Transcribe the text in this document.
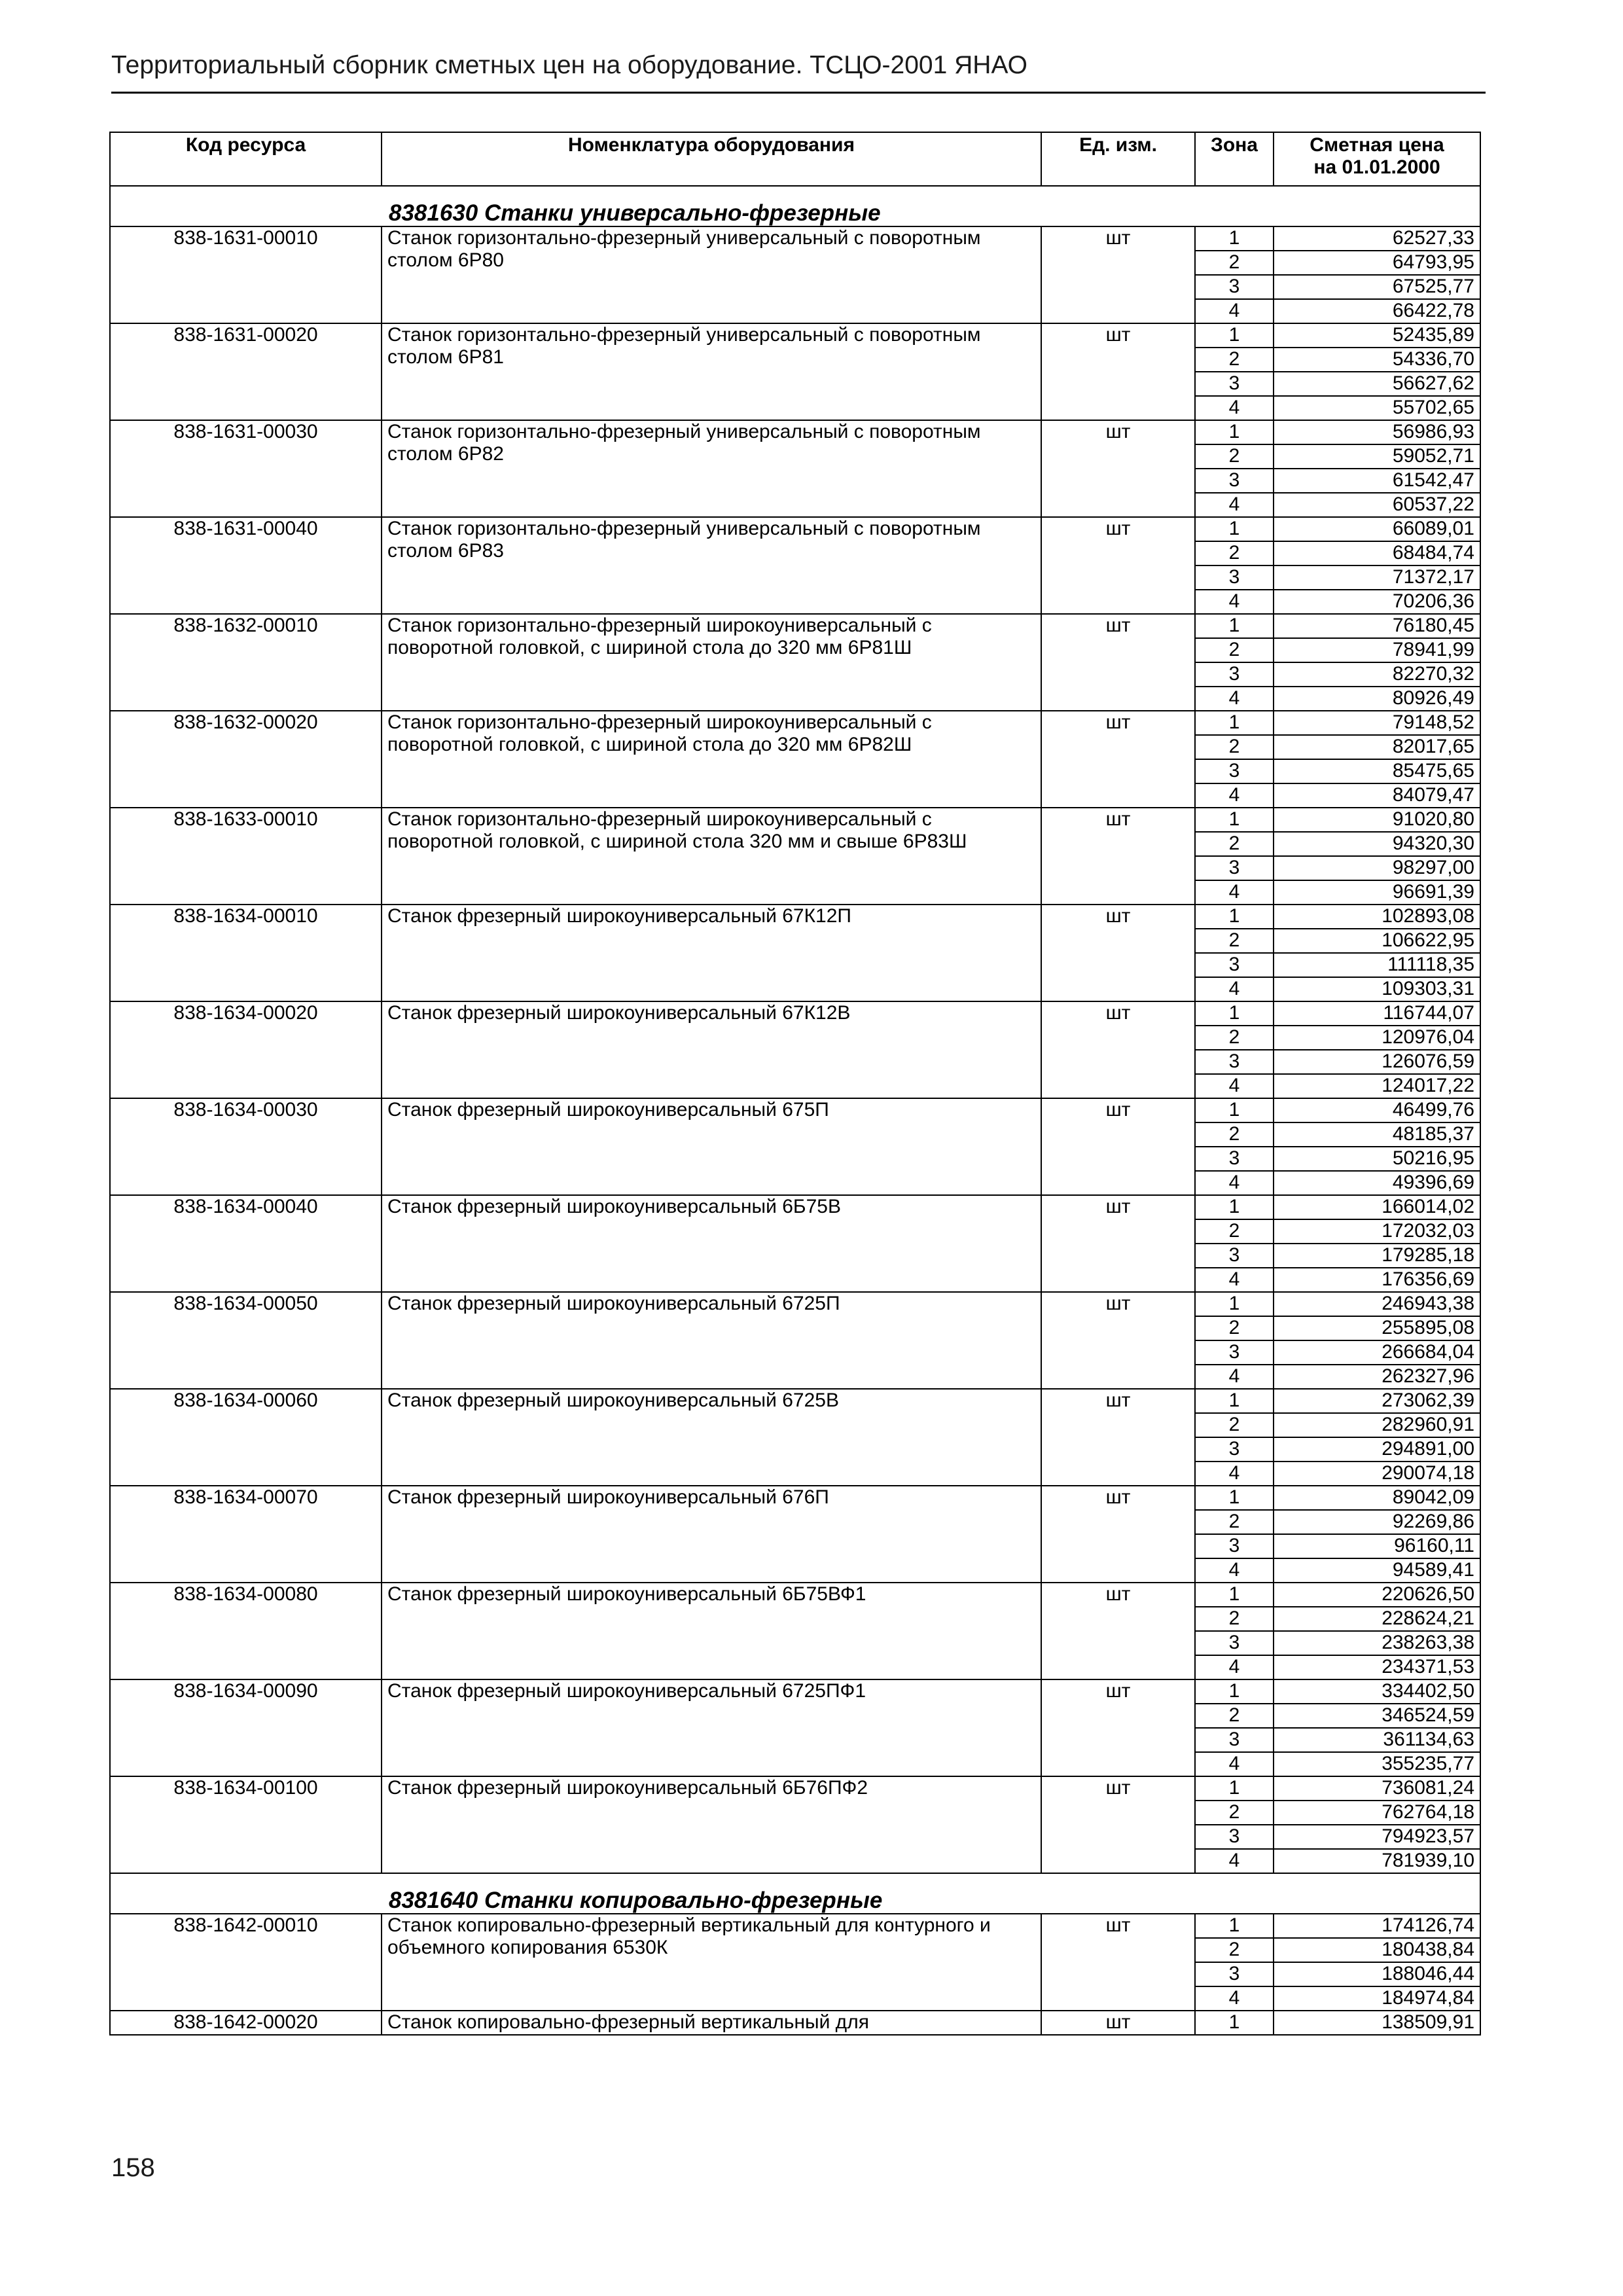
Территориальный сборник сметных цен на оборудование. ТСЦО-2001 ЯНАО
Код ресурса	Номенклатура оборудования	Ед. изм.	Зона	Сметная цена
на 01.01.2000

8381630 Станки универсально-фрезерные				
838-1631-00010	Станок горизонтально-фрезерный универсальный с поворотным столом 6Р80	шт	1	62527,33
			2	64793,95
			3	67525,77
			4	66422,78
838-1631-00020	Станок горизонтально-фрезерный универсальный с поворотным столом 6Р81	шт	1	52435,89
			2	54336,70
			3	56627,62
			4	55702,65
838-1631-00030	Станок горизонтально-фрезерный универсальный с поворотным столом 6Р82	шт	1	56986,93
			2	59052,71
			3	61542,47
			4	60537,22
838-1631-00040	Станок горизонтально-фрезерный универсальный с поворотным столом 6Р83	шт	1	66089,01
			2	68484,74
			3	71372,17
			4	70206,36
838-1632-00010	Станок горизонтально-фрезерный широкоуниверсальный с поворотной головкой, с шириной стола до 320 мм 6Р81Ш	шт	1	76180,45
			2	78941,99
			3	82270,32
			4	80926,49
838-1632-00020	Станок горизонтально-фрезерный широкоуниверсальный с поворотной головкой, с шириной стола до 320 мм 6Р82Ш	шт	1	79148,52
			2	82017,65
			3	85475,65
			4	84079,47
838-1633-00010	Станок горизонтально-фрезерный широкоуниверсальный с поворотной головкой, с шириной стола 320 мм и свыше 6Р83Ш	шт	1	91020,80
			2	94320,30
			3	98297,00
			4	96691,39
838-1634-00010	Станок фрезерный широкоуниверсальный 67К12П	шт	1	102893,08
			2	106622,95
			3	111118,35
			4	109303,31
838-1634-00020	Станок фрезерный широкоуниверсальный 67К12В	шт	1	116744,07
			2	120976,04
			3	126076,59
			4	124017,22
838-1634-00030	Станок фрезерный широкоуниверсальный 675П	шт	1	46499,76
			2	48185,37
			3	50216,95
			4	49396,69
838-1634-00040	Станок фрезерный широкоуниверсальный 6Б75В	шт	1	166014,02
			2	172032,03
			3	179285,18
			4	176356,69
838-1634-00050	Станок фрезерный широкоуниверсальный 6725П	шт	1	246943,38
			2	255895,08
			3	266684,04
			4	262327,96
838-1634-00060	Станок фрезерный широкоуниверсальный 6725В	шт	1	273062,39
			2	282960,91
			3	294891,00
			4	290074,18
838-1634-00070	Станок фрезерный широкоуниверсальный 676П	шт	1	89042,09
			2	92269,86
			3	96160,11
			4	94589,41
838-1634-00080	Станок фрезерный широкоуниверсальный 6Б75ВФ1	шт	1	220626,50
			2	228624,21
			3	238263,38
			4	234371,53
838-1634-00090	Станок фрезерный широкоуниверсальный 6725ПФ1	шт	1	334402,50
			2	346524,59
			3	361134,63
			4	355235,77
838-1634-00100	Станок фрезерный широкоуниверсальный 6Б76ПФ2	шт	1	736081,24
			2	762764,18
			3	794923,57
			4	781939,10
8381640 Станки копировально-фрезерные				
838-1642-00010	Станок копировально-фрезерный вертикальный для контурного и объемного копирования 6530К	шт	1	174126,74
			2	180438,84
			3	188046,44
			4	184974,84
838-1642-00020	Станок копировально-фрезерный вертикальный для	шт	1	138509,91
158
